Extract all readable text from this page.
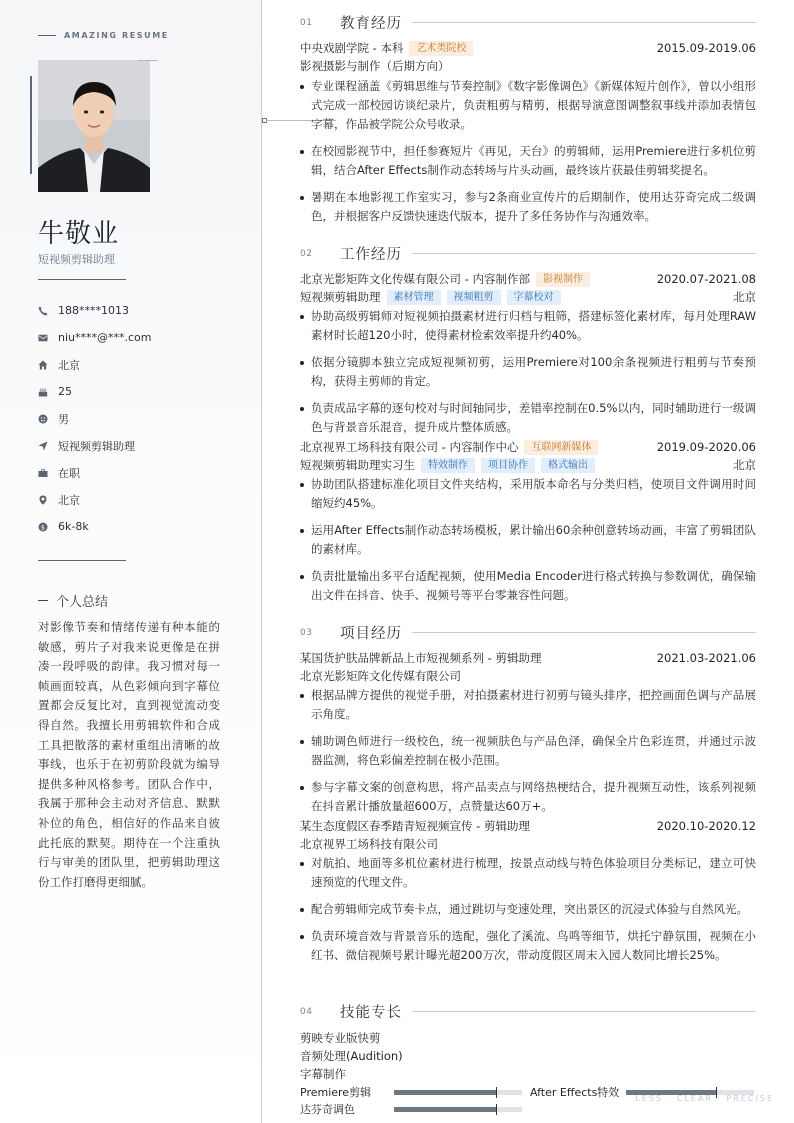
AMAZING RESUME
牛敬业
短视频剪辑助理
188****1013
niu****@***.com
北京
25
男
短视频剪辑助理
在职
北京
$ 6k-8k
个人总结
对影像节奏和情绪传递有种本能的敏感，剪片子对我来说更像是在拼凑一段呼吸的韵律。我习惯对每一帧画面较真，从色彩倾向到字幕位置都会反复比对，直到视觉流动变得自然。我擅长用剪辑软件和合成工具把散落的素材重组出清晰的故事线，也乐于在初剪阶段就为编导提供多种风格参考。团队合作中，我属于那种会主动对齐信息、默默补位的角色，相信好的作品来自彼此托底的默契。期待在一个注重执行与审美的团队里，把剪辑助理这份工作打磨得更细腻。
01	教育经历
中央戏剧学院 - 本科	艺术类院校	2015.09-2019.06
影视摄影与制作（后期方向）
专业课程涵盖《剪辑思维与节奏控制》《数字影像调色》《新媒体短片创作》，曾以小组形式完成一部校园访谈纪录片，负责粗剪与精剪，根据导演意图调整叙事线并添加表情包字幕，作品被学院公众号收录。
在校园影视节中，担任参赛短片《再见，天台》的剪辑师，运用Premiere进行多机位剪辑，结合After Effects制作动态转场与片头动画，最终该片获最佳剪辑奖提名。
暑期在本地影视工作室实习，参与2条商业宣传片的后期制作，使用达芬奇完成二级调色，并根据客户反馈快速迭代版本，提升了多任务协作与沟通效率。
02	工作经历
北京光影矩阵文化传媒有限公司 - 内容制作部	影视制作	2020.07-2021.08
短视频剪辑助理	素材管理	视频粗剪	字幕校对	北京
协助高级剪辑师对短视频拍摄素材进行归档与粗筛，搭建标签化素材库，每月处理RAW素材时长超120小时，使得素材检索效率提升约40%。
依据分镜脚本独立完成短视频初剪，运用Premiere对100余条视频进行粗剪与节奏预构，获得主剪师的肯定。
负责成品字幕的逐句校对与时间轴同步，差错率控制在0.5%以内，同时辅助进行一级调色与背景音乐混音，提升成片整体质感。
北京视界工场科技有限公司 - 内容制作中心	互联网新媒体	2019.09-2020.06
短视频剪辑助理实习生	特效制作	项目协作	格式输出	北京
协助团队搭建标准化项目文件夹结构，采用版本命名与分类归档，使项目文件调用时间缩短约45%。
运用After Effects制作动态转场模板，累计输出60余种创意转场动画，丰富了剪辑团队的素材库。
负责批量输出多平台适配视频，使用Media Encoder进行格式转换与参数调优，确保输出文件在抖音、快手、视频号等平台零兼容性问题。
03	项目经历
某国货护肤品牌新品上市短视频系列 - 剪辑助理	2021.03-2021.06
北京光影矩阵文化传媒有限公司
根据品牌方提供的视觉手册，对拍摄素材进行初剪与镜头排序，把控画面色调与产品展示角度。
辅助调色师进行一级校色，统一视频肤色与产品色泽，确保全片色彩连贯，并通过示波器监测，将色彩偏差控制在极小范围。
参与字幕文案的创意构思，将产品卖点与网络热梗结合，提升视频互动性，该系列视频在抖音累计播放量超600万，点赞量达60万+。
某生态度假区春季踏青短视频宣传 - 剪辑助理	2020.10-2020.12
北京视界工场科技有限公司
对航拍、地面等多机位素材进行梳理，按景点动线与特色体验项目分类标记，建立可快速预览的代理文件。
配合剪辑师完成节奏卡点，通过跳切与变速处理，突出景区的沉浸式体验与自然风光。
负责环境音效与背景音乐的选配，强化了溪流、鸟鸣等细节，烘托宁静氛围，视频在小红书、微信视频号累计曝光超200万次，带动度假区周末入园人数同比增长25%。
04	技能专长
剪映专业版快剪
音频处理(Audition)
字幕制作
Premiere剪辑	After Effects特效
达芬奇调色
LESS · CLEAR · PRECISE
